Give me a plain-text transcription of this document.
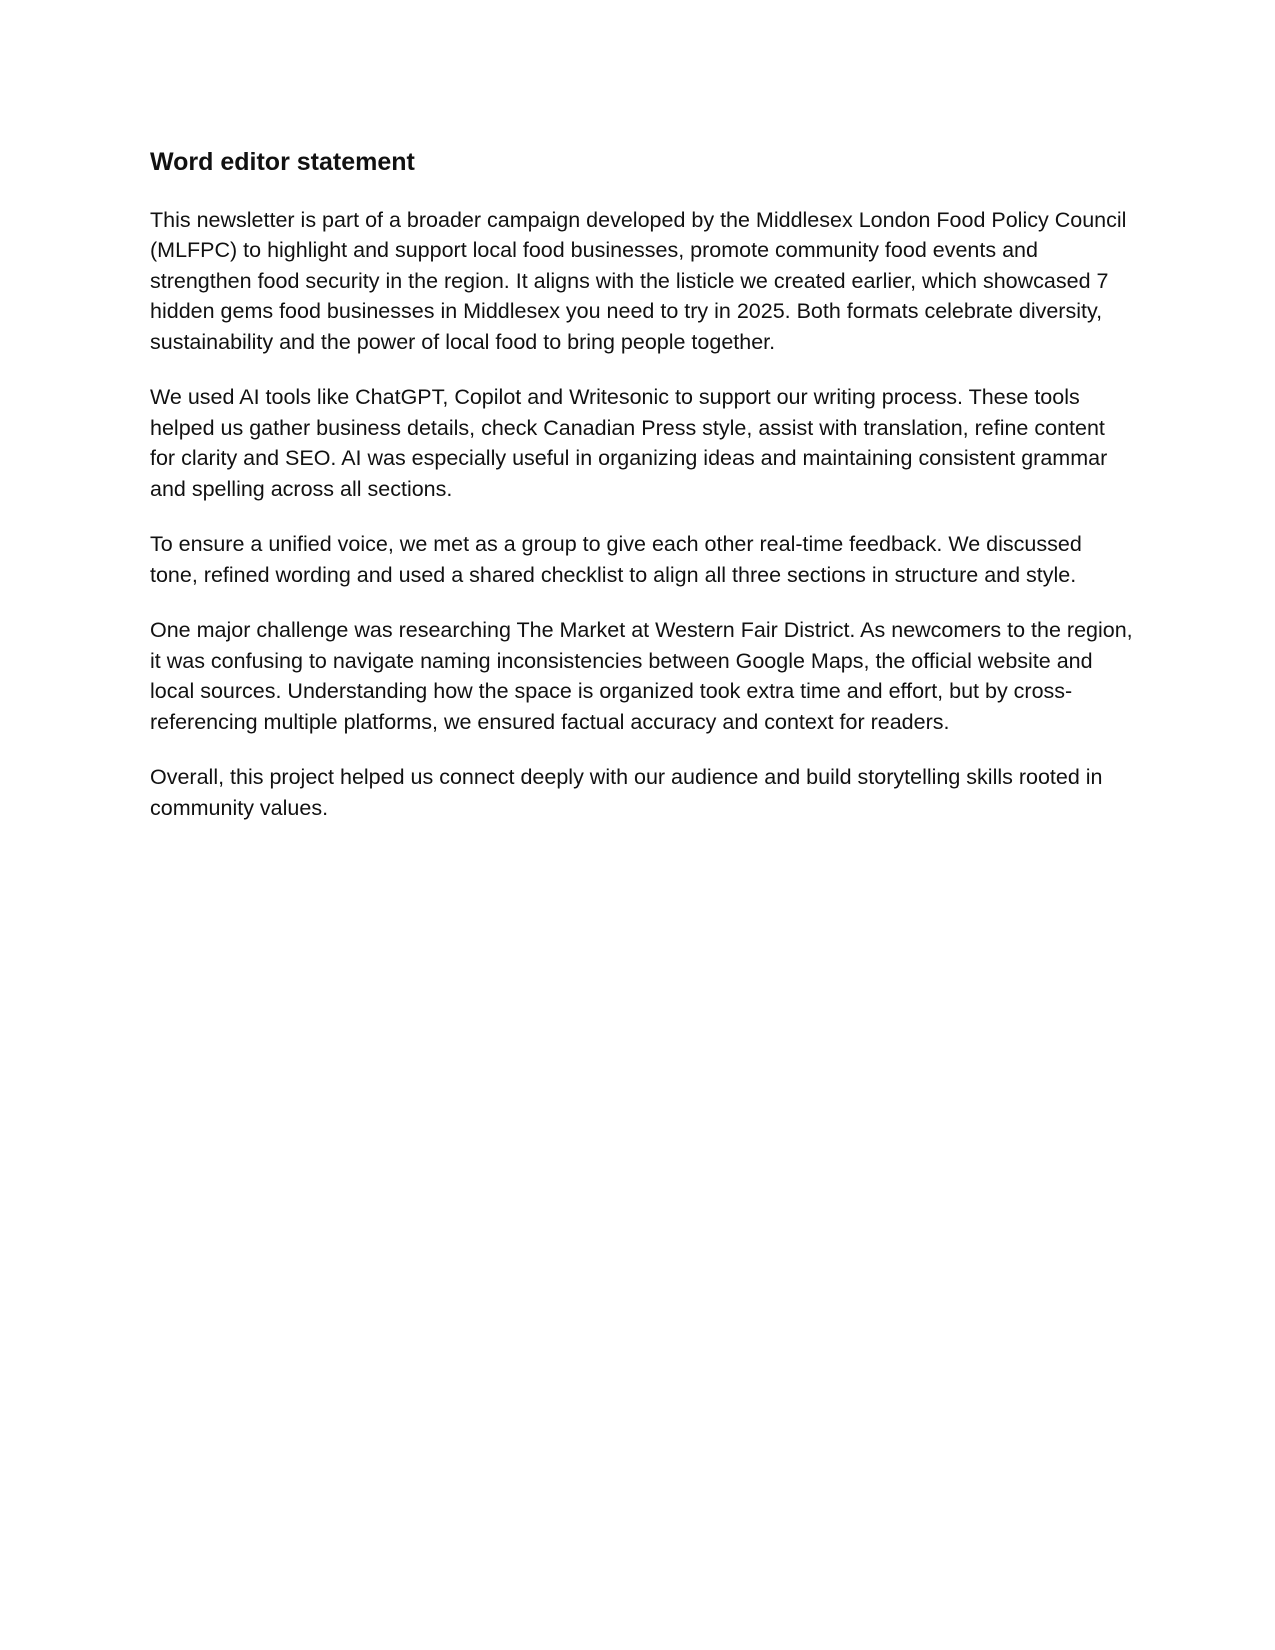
Word editor statement

This newsletter is part of a broader campaign developed by the Middlesex London Food Policy Council (MLFPC) to highlight and support local food businesses, promote community food events and strengthen food security in the region. It aligns with the listicle we created earlier, which showcased 7 hidden gems food businesses in Middlesex you need to try in 2025. Both formats celebrate diversity, sustainability and the power of local food to bring people together.

We used AI tools like ChatGPT, Copilot and Writesonic to support our writing process. These tools helped us gather business details, check Canadian Press style, assist with translation, refine content for clarity and SEO. AI was especially useful in organizing ideas and maintaining consistent grammar and spelling across all sections.

To ensure a unified voice, we met as a group to give each other real-time feedback. We discussed tone, refined wording and used a shared checklist to align all three sections in structure and style.

One major challenge was researching The Market at Western Fair District. As newcomers to the region, it was confusing to navigate naming inconsistencies between Google Maps, the official website and local sources. Understanding how the space is organized took extra time and effort, but by cross-referencing multiple platforms, we ensured factual accuracy and context for readers.

Overall, this project helped us connect deeply with our audience and build storytelling skills rooted in community values.
